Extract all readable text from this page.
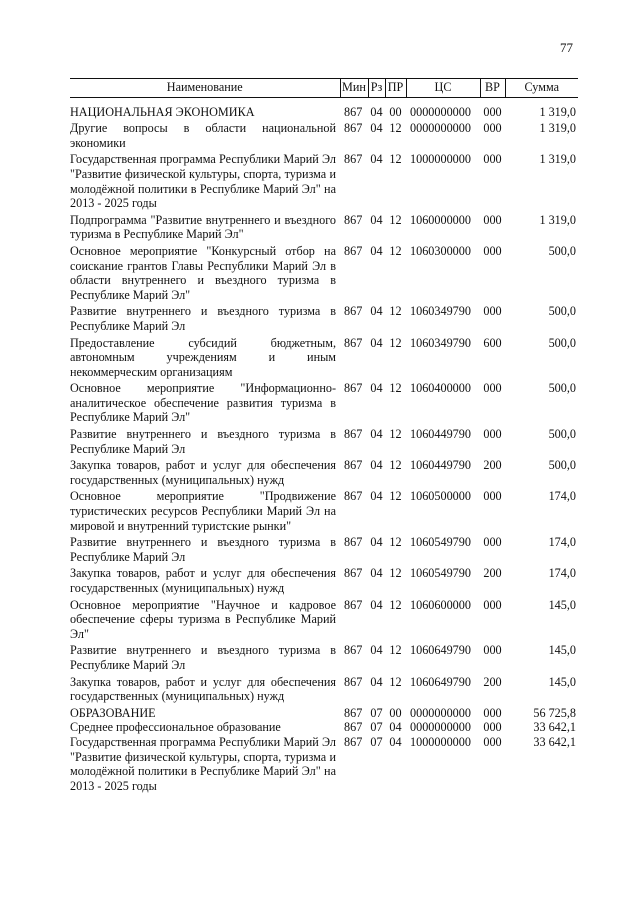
77
Наименование	Мин	Рз	ПР	ЦС	ВР	Сумма

НАЦИОНАЛЬНАЯ ЭКОНОМИКА	867	04	00	0000000000	000	1 319,0
Другие вопросы в области национальной экономики	867	04	12	0000000000	000	1 319,0
Государственная программа Республики Марий Эл "Развитие физической культуры, спорта, туризма и молодёжной политики в Республике Марий Эл" на 2013 - 2025 годы	867	04	12	1000000000	000	1 319,0
Подпрограмма "Развитие внутреннего и въездного туризма в Республике Марий Эл"	867	04	12	1060000000	000	1 319,0
Основное мероприятие "Конкурсный отбор на соискание грантов Главы Республики Марий Эл в области внутреннего и въездного туризма в Республике Марий Эл"	867	04	12	1060300000	000	500,0
Развитие внутреннего и въездного туризма в Республике Марий Эл	867	04	12	1060349790	000	500,0
Предоставление субсидий бюджетным, автономным учреждениям и иным некоммерческим организациям	867	04	12	1060349790	600	500,0
Основное мероприятие "Информационно-аналитическое обеспечение развития туризма в Республике Марий Эл"	867	04	12	1060400000	000	500,0
Развитие внутреннего и въездного туризма в Республике Марий Эл	867	04	12	1060449790	000	500,0
Закупка товаров, работ и услуг для обеспечения государственных (муниципальных) нужд	867	04	12	1060449790	200	500,0
Основное мероприятие "Продвижение туристических ресурсов Республики Марий Эл на мировой и внутренний туристские рынки"	867	04	12	1060500000	000	174,0
Развитие внутреннего и въездного туризма в Республике Марий Эл	867	04	12	1060549790	000	174,0
Закупка товаров, работ и услуг для обеспечения государственных (муниципальных) нужд	867	04	12	1060549790	200	174,0
Основное мероприятие "Научное и кадровое обеспечение сферы туризма в Республике Марий Эл"	867	04	12	1060600000	000	145,0
Развитие внутреннего и въездного туризма в Республике Марий Эл	867	04	12	1060649790	000	145,0
Закупка товаров, работ и услуг для обеспечения государственных (муниципальных) нужд	867	04	12	1060649790	200	145,0
ОБРАЗОВАНИЕ	867	07	00	0000000000	000	56 725,8
Среднее профессиональное образование	867	07	04	0000000000	000	33 642,1
Государственная программа Республики Марий Эл "Развитие физической культуры, спорта, туризма и молодёжной политики в Республике Марий Эл" на 2013 - 2025 годы	867	07	04	1000000000	000	33 642,1
